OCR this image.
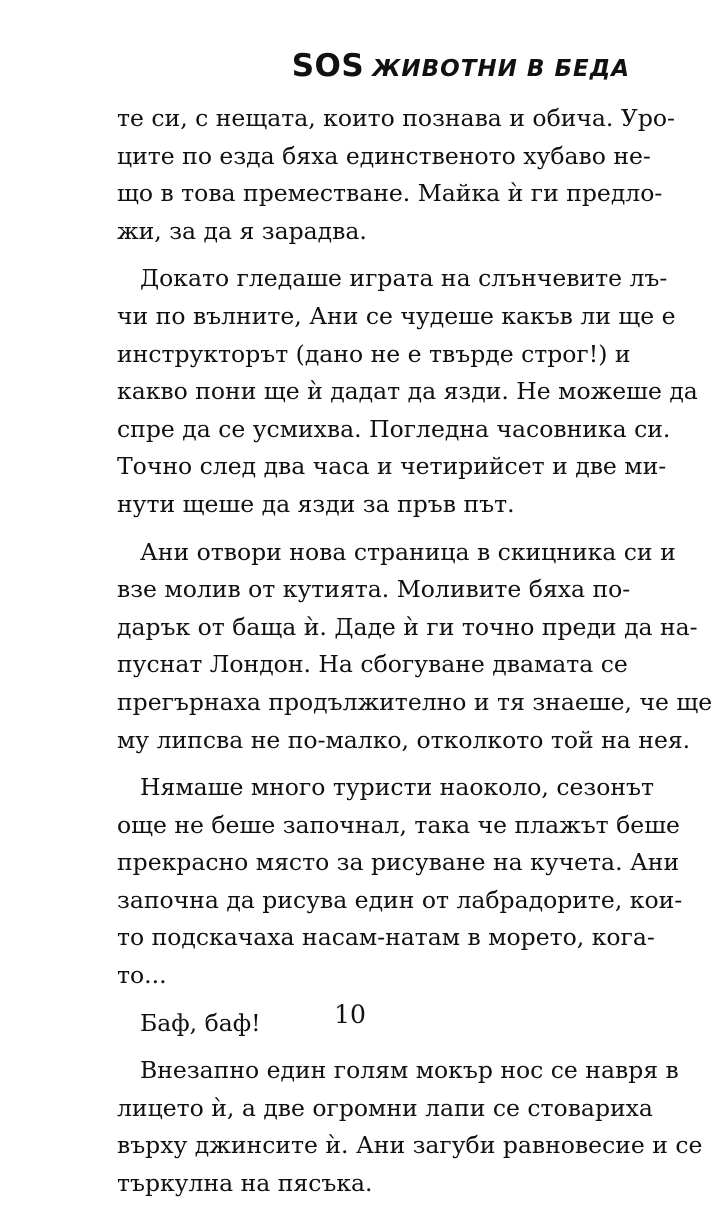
SOS ЖИВОТНИ В БЕДА
те си, с нещата, които познава и обича. Уро-
ците по езда бяха единственото хубаво не-
що в това преместване. Майка ѝ ги предло-
жи, за да я зарадва.
Докато гледаше играта на слънчевите лъ-
чи по вълните, Ани се чудеше какъв ли ще е
инструкторът (дано не е твърде строг!) и
какво пони ще ѝ дадат да язди. Не можеше да
спре да се усмихва. Погледна часовника си.
Точно след два часа и четирийсет и две ми-
нути щеше да язди за пръв път.
Ани отвори нова страница в скицника си и
взе молив от кутията. Моливите бяха по-
дарък от баща ѝ. Даде ѝ ги точно преди да на-
пуснат Лондон. На сбогуване двамата се
прегърнаха продължително и тя знаеше, че ще
му липсва не по-малко, отколкото той на нея.
Нямаше много туристи наоколо, сезонът
още не беше започнал, така че плажът беше
прекрасно място за рисуване на кучета. Ани
започна да рисува един от лабрадорите, кои-
то подскачаха насам-натам в морето, кога-
то...
Баф, баф!
Внезапно един голям мокър нос се навря в
лицето ѝ, а две огромни лапи се стовариха
върху джинсите ѝ. Ани загуби равновесие и се
търкулна на пясъка.
10
